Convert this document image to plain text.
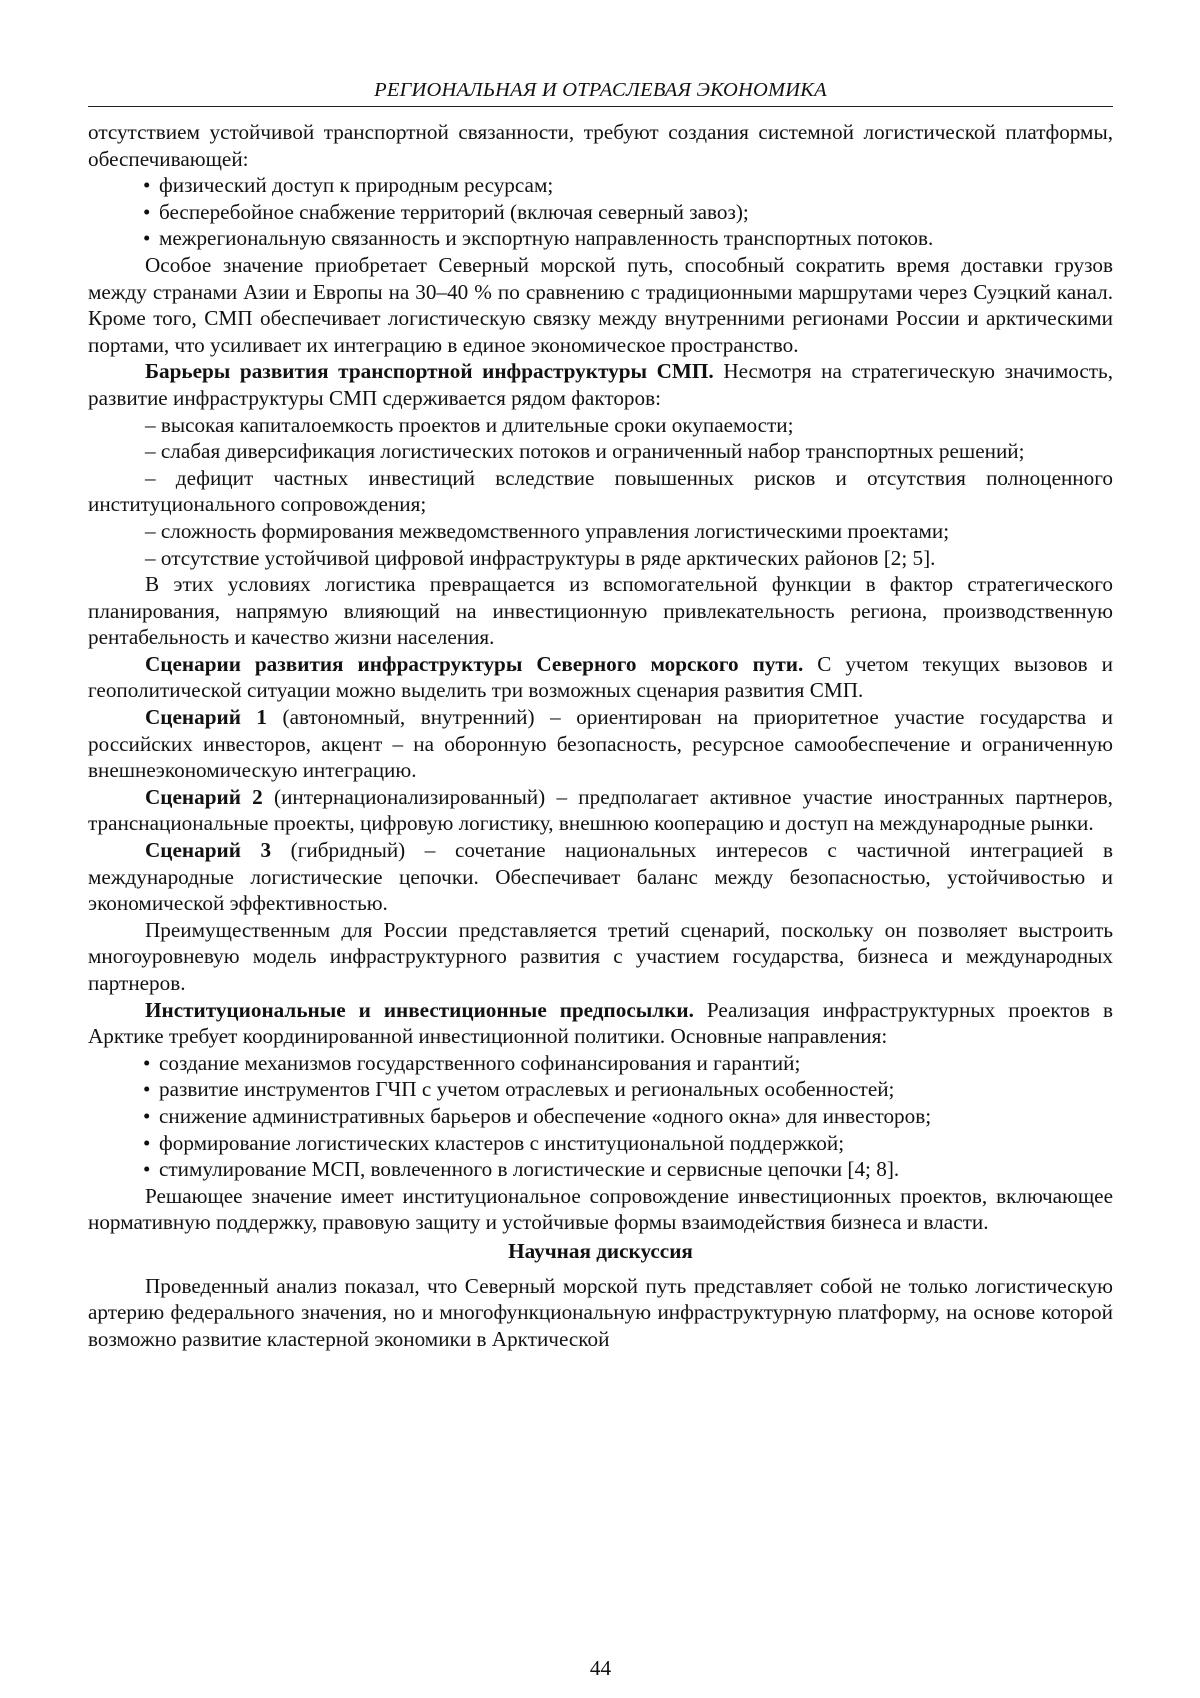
РЕГИОНАЛЬНАЯ И ОТРАСЛЕВАЯ ЭКОНОМИКА

отсутствием устойчивой транспортной связанности, требуют создания системной логистической платформы, обеспечивающей:

• физический доступ к природным ресурсам;

• бесперебойное снабжение территорий (включая северный завоз);

• межрегиональную связанность и экспортную направленность транспортных потоков.

Особое значение приобретает Северный морской путь, способный сократить время доставки грузов между странами Азии и Европы на 30–40 % по сравнению с традиционными маршрутами через Суэцкий канал. Кроме того, СМП обеспечивает логистическую связку между внутренними регионами России и арктическими портами, что усиливает их интеграцию в единое экономическое пространство.

Барьеры развития транспортной инфраструктуры СМП. Несмотря на стратегическую значимость, развитие инфраструктуры СМП сдерживается рядом факторов:

– высокая капиталоемкость проектов и длительные сроки окупаемости;

– слабая диверсификация логистических потоков и ограниченный набор транспортных решений;

– дефицит частных инвестиций вследствие повышенных рисков и отсутствия полноценного институционального сопровождения;

– сложность формирования межведомственного управления логистическими проектами;

– отсутствие устойчивой цифровой инфраструктуры в ряде арктических районов [2; 5].

В этих условиях логистика превращается из вспомогательной функции в фактор стратегического планирования, напрямую влияющий на инвестиционную привлекательность региона, производственную рентабельность и качество жизни населения.

Сценарии развития инфраструктуры Северного морского пути. С учетом текущих вызовов и геополитической ситуации можно выделить три возможных сценария развития СМП.

Сценарий 1 (автономный, внутренний) – ориентирован на приоритетное участие государства и российских инвесторов, акцент – на оборонную безопасность, ресурсное самообеспечение и ограниченную внешнеэкономическую интеграцию.

Сценарий 2 (интернационализированный) – предполагает активное участие иностранных партнеров, транснациональные проекты, цифровую логистику, внешнюю кооперацию и доступ на международные рынки.

Сценарий 3 (гибридный) – сочетание национальных интересов с частичной интеграцией в международные логистические цепочки. Обеспечивает баланс между безопасностью, устойчивостью и экономической эффективностью.

Преимущественным для России представляется третий сценарий, поскольку он позволяет выстроить многоуровневую модель инфраструктурного развития с участием государства, бизнеса и международных партнеров.

Институциональные и инвестиционные предпосылки. Реализация инфраструктурных проектов в Арктике требует координированной инвестиционной политики. Основные направления:

• создание механизмов государственного софинансирования и гарантий;

• развитие инструментов ГЧП с учетом отраслевых и региональных особенностей;

• снижение административных барьеров и обеспечение «одного окна» для инвесторов;

• формирование логистических кластеров с институциональной поддержкой;

• стимулирование МСП, вовлеченного в логистические и сервисные цепочки [4; 8].

Решающее значение имеет институциональное сопровождение инвестиционных проектов, включающее нормативную поддержку, правовую защиту и устойчивые формы взаимодействия бизнеса и власти.

Научная дискуссия

Проведенный анализ показал, что Северный морской путь представляет собой не только логистическую артерию федерального значения, но и многофункциональную инфраструктурную платформу, на основе которой возможно развитие кластерной экономики в Арктической

44
